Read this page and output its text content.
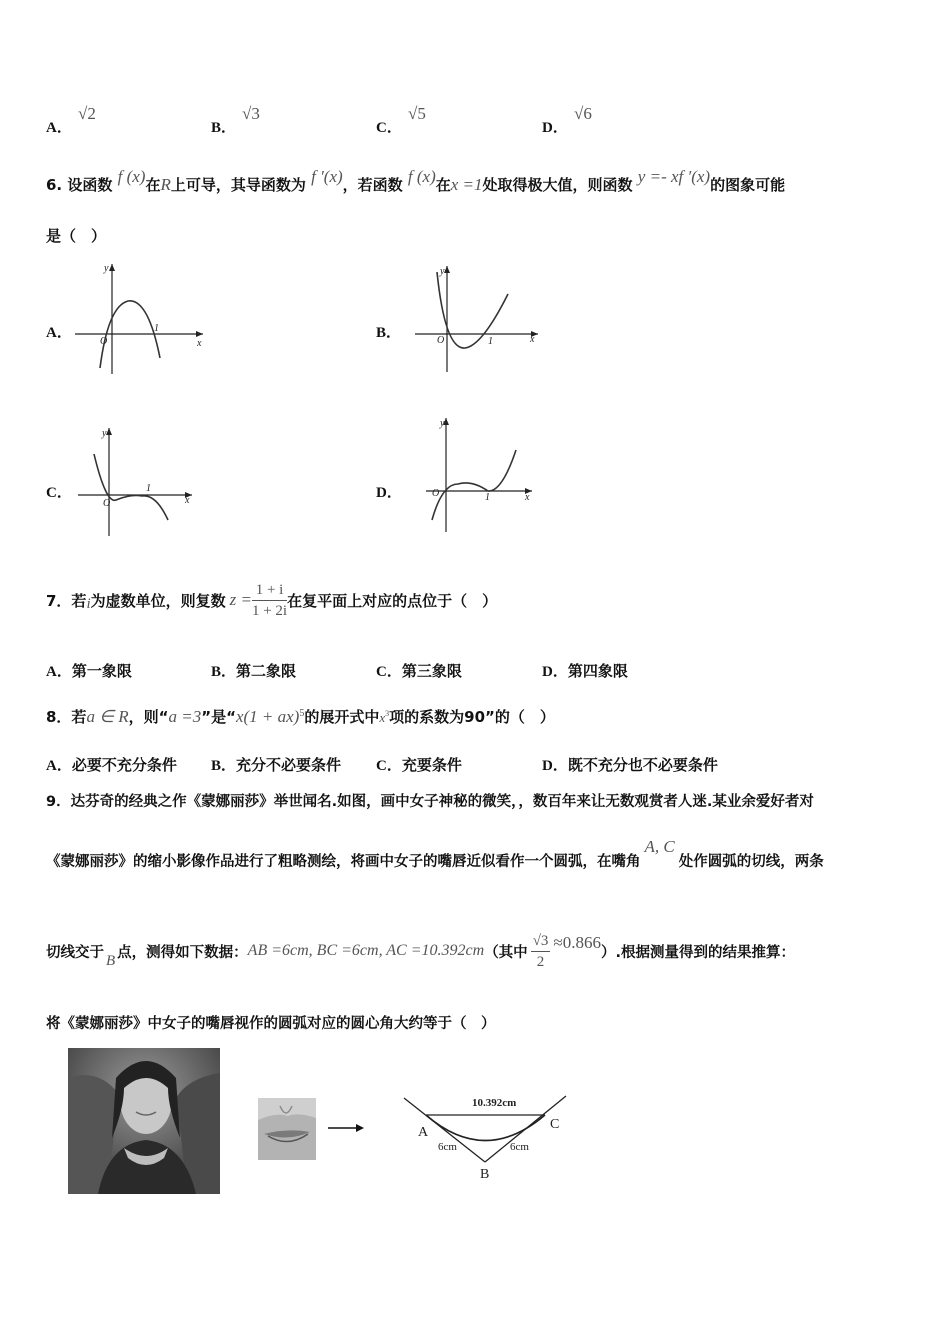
A．
√2
B．
√3
C．
√5
D．
√6
6. 设函数 f (x)在R上可导，其导函数为 f ′(x)，若函数 f (x)在x =1处取得极大值，则函数 y =- xf ′(x)的图象可能
是（　）
A．
y
x
O
1	B．
y
x
O	1
C．
y
x
O
1	D．
y
x
O	1
7．若 i 为虚数单位，则复数 $z = \frac{1 + i}{1 + 2i}$ 在复平面上对应的点位于（　）
A．第一象限	B．第二象限	C．第三象限	D．第四象限
8．若a ∈ R，则“a =3”是“x(1 + ax)$^5$的展开式中$x^3$项的系数为90”的（　）
A．必要不充分条件 B．充分不必要条件 C．充要条件	D．既不充分也不必要条件
9．达芬奇的经典之作《蒙娜丽莎》举世闻名.如图，画中女子神秘的微笑，，数百年来让无数观赏者人迷.某业余爱好者对
《蒙娜丽莎》的缩小影像作品进行了粗略测绘，将画中女子的嘴唇近似看作一个圆弧，在嘴角A, C处作圆弧的切线，两条
切线交于 B 点，测得如下数据： AB =6cm, BC =6cm, AC =10.392cm （其中 $\frac{√3}{2} \approx 0.866$
）.根据测量得到的结果推算：
将《蒙娜丽莎》中女子的嘴唇视作的圆弧对应的圆心角大约等于（　）
10.392cm
6cm	6cm
A
B
C
